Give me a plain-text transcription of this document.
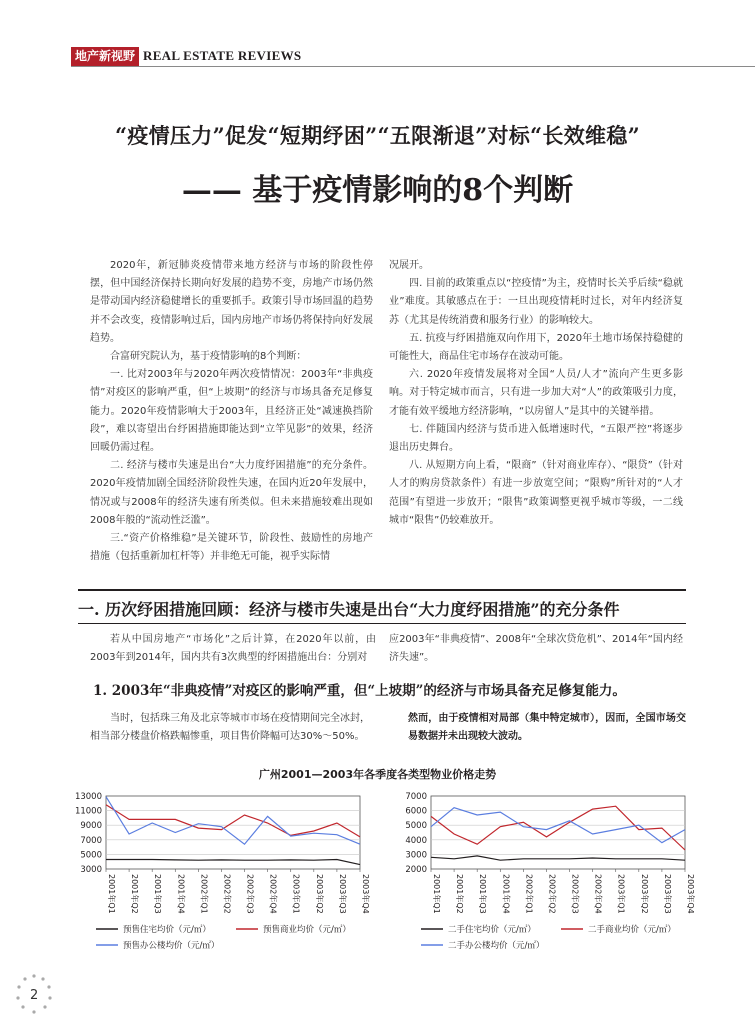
地产新视野 REAL ESTATE REVIEWS
“疫情压力”促发“短期纾困”“五限渐退”对标“长效维稳”
—— 基于疫情影响的8个判断

2020年，新冠肺炎疫情带来地方经济与市场的阶段性停摆，但中国经济保持长期向好发展的趋势不变，房地产市场仍然是带动国内经济稳健增长的重要抓手。政策引导市场回温的趋势并不会改变，疫情影响过后，国内房地产市场仍将保持向好发展趋势。

合富研究院认为，基于疫情影响的8个判断：

一. 比对2003年与2020年两次疫情情况：2003年“非典疫情”对疫区的影响严重，但“上坡期”的经济与市场具备充足修复能力。2020年疫情影响大于2003年，且经济正处“减速换挡阶段”，难以寄望出台纾困措施即能达到“立竿见影”的效果，经济回暖仍需过程。

二. 经济与楼市失速是出台“大力度纾困措施”的充分条件。2020年疫情加剧全国经济阶段性失速，在国内近20年发展中，情况或与2008年的经济失速有所类似。但未来措施较难出现如2008年般的“流动性泛滥”。

三.“资产价格维稳”是关键环节，阶段性、鼓励性的房地产措施（包括重新加杠杆等）并非绝无可能，视乎实际情

况展开。

四. 目前的政策重点以“控疫情”为主，疫情时长关乎后续“稳就业”难度。其敏感点在于：一旦出现疫情耗时过长，对年内经济复苏（尤其是传统消费和服务行业）的影响较大。

五. 抗疫与纾困措施双向作用下，2020年土地市场保持稳健的可能性大，商品住宅市场存在波动可能。

六. 2020年疫情发展将对全国“人员/人才”流向产生更多影响。对于特定城市而言，只有进一步加大对“人”的政策吸引力度，才能有效平缓地方经济影响，“以房留人”是其中的关键举措。

七. 伴随国内经济与货币进入低增速时代，“五限严控”将逐步退出历史舞台。

八. 从短期方向上看，“限商”（针对商业库存）、“限贷”（针对人才的购房贷款条件）有进一步放宽空间；“限购”所针对的“人才范围”有望进一步放开；“限售”政策调整更视乎城市等级，一二线城市“限售”仍较难放开。

一. 历次纾困措施回顾：经济与楼市失速是出台“大力度纾困措施”的充分条件

若从中国房地产“市场化”之后计算，在2020年以前，由2003年到2014年，国内共有3次典型的纾困措施出台：分别对

应2003年“非典疫情”、2008年“全球次贷危机”、2014年“国内经济失速”。

1. 2003年“非典疫情”对疫区的影响严重，但“上坡期”的经济与市场具备充足修复能力。

当时，包括珠三角及北京等城市市场在疫情期间完全冰封，相当部分楼盘价格跌幅惨重，项目售价降幅可达30%～50%。

然而，由于疫情相对局部（集中特定城市），因而，全国市场交易数据并未出现较大波动。

广州2001—2003年各季度各类型物业价格走势
3000
5000
7000
9000
11000
13000
2001年Q1 2001年Q2 2001年Q3 2001年Q4 2002年Q1 2002年Q2 2002年Q3 2002年Q4 2003年Q1 2003年Q2 2003年Q3 2003年Q4
预售住宅均价（元/㎡）	预售商业均价（元/㎡）
预售办公楼均价（元/㎡）
2000
3000
4000
5000
6000
7000
2001年Q1 2001年Q2 2001年Q3 2001年Q4 2002年Q1 2002年Q2 2002年Q3 2002年Q4 2003年Q1 2003年Q2 2003年Q3 2003年Q4
二手住宅均价（元/㎡）	二手商业均价（元/㎡）
二手办公楼均价（元/㎡）
2
